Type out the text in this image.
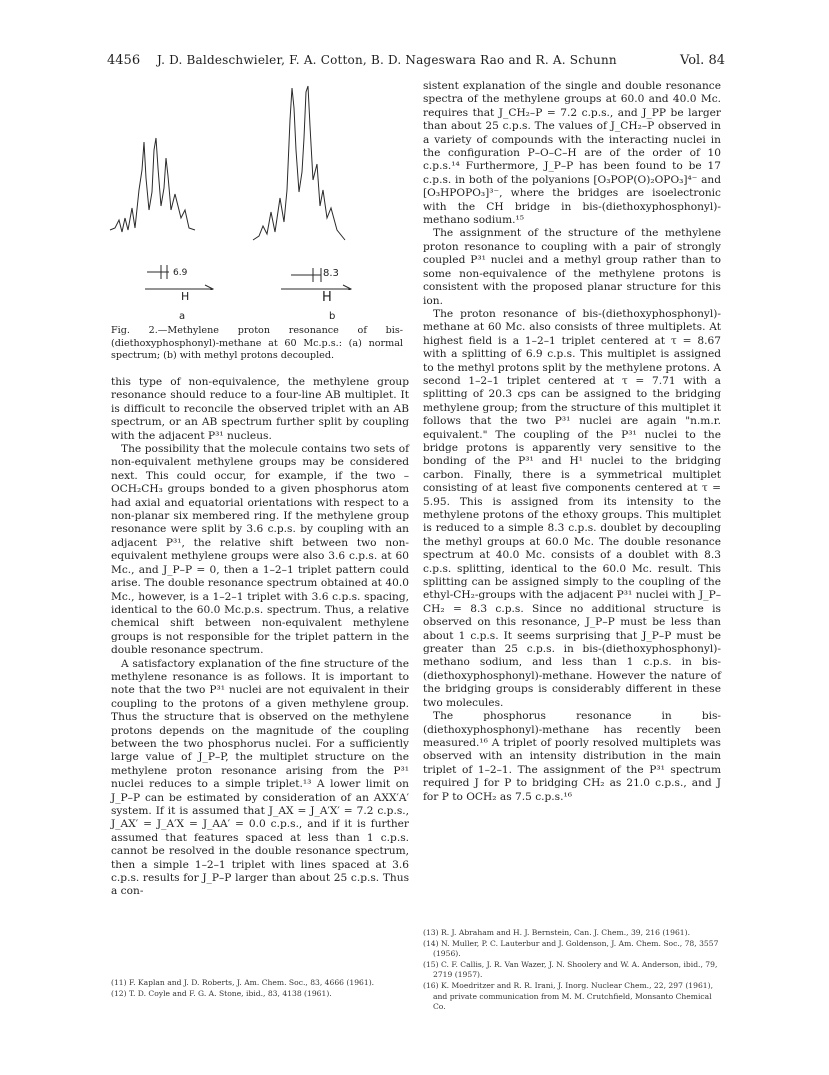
4456 J. D. Baldeschwieler, F. A. Cotton, B. D. Nageswara Rao and R. A. Schunn	Vol. 84
6.9	8.3
H	H
a	b
Fig. 2.—Methylene proton resonance of bis-(diethoxyphosphonyl)-methane at 60 Mc.p.s.: (a) normal spectrum; (b) with methyl protons decoupled.

this type of non-equivalence, the methylene group resonance should reduce to a four-line AB multiplet. It is difficult to reconcile the observed triplet with an AB spectrum, or an AB spectrum further split by coupling with the adjacent P³¹ nucleus.

The possibility that the molecule contains two sets of non-equivalent methylene groups may be considered next. This could occur, for example, if the two –OCH₂CH₃ groups bonded to a given phosphorus atom had axial and equatorial orientations with respect to a non-planar six membered ring. If the methylene group resonance were split by 3.6 c.p.s. by coupling with an adjacent P³¹, the relative shift between two non-equivalent methylene groups were also 3.6 c.p.s. at 60 Mc., and J_P–P = 0, then a 1–2–1 triplet pattern could arise. The double resonance spectrum obtained at 40.0 Mc., however, is a 1–2–1 triplet with 3.6 c.p.s. spacing, identical to the 60.0 Mc.p.s. spectrum. Thus, a relative chemical shift between non-equivalent methylene groups is not responsible for the triplet pattern in the double resonance spectrum.

A satisfactory explanation of the fine structure of the methylene resonance is as follows. It is important to note that the two P³¹ nuclei are not equivalent in their coupling to the protons of a given methylene group. Thus the structure that is observed on the methylene protons depends on the magnitude of the coupling between the two phosphorus nuclei. For a sufficiently large value of J_P–P, the multiplet structure on the methylene proton resonance arising from the P³¹ nuclei reduces to a simple triplet.¹³ A lower limit on J_P–P can be estimated by consideration of an AXX′A′ system. If it is assumed that J_AX = J_A′X′ = 7.2 c.p.s., J_AX′ = J_A′X = J_AA′ = 0.0 c.p.s., and if it is further assumed that features spaced at less than 1 c.p.s. cannot be resolved in the double resonance spectrum, then a simple 1–2–1 triplet with lines spaced at 3.6 c.p.s. results for J_P–P larger than about 25 c.p.s. Thus a con-

(11) F. Kaplan and J. D. Roberts, J. Am. Chem. Soc., 83, 4666 (1961).
(12) T. D. Coyle and F. G. A. Stone, ibid., 83, 4138 (1961).

sistent explanation of the single and double resonance spectra of the methylene groups at 60.0 and 40.0 Mc. requires that J_CH₂–P = 7.2 c.p.s., and J_PP be larger than about 25 c.p.s. The values of J_CH₂–P observed in a variety of compounds with the interacting nuclei in the configuration P–O–C–H are of the order of 10 c.p.s.¹⁴ Furthermore, J_P–P has been found to be 17 c.p.s. in both of the polyanions [O₃POP(O)₂OPO₃]⁴⁻ and [O₃HPOPO₃]³⁻, where the bridges are isoelectronic with the CH bridge in bis-(diethoxyphosphonyl)-methano sodium.¹⁵

The assignment of the structure of the methylene proton resonance to coupling with a pair of strongly coupled P³¹ nuclei and a methyl group rather than to some non-equivalence of the methylene protons is consistent with the proposed planar structure for this ion.

The proton resonance of bis-(diethoxyphosphonyl)-methane at 60 Mc. also consists of three multiplets. At highest field is a 1–2–1 triplet centered at τ = 8.67 with a splitting of 6.9 c.p.s. This multiplet is assigned to the methyl protons split by the methylene protons. A second 1–2–1 triplet centered at τ = 7.71 with a splitting of 20.3 cps can be assigned to the bridging methylene group; from the structure of this multiplet it follows that the two P³¹ nuclei are again "n.m.r. equivalent." The coupling of the P³¹ nuclei to the bridge protons is apparently very sensitive to the bonding of the P³¹ and H¹ nuclei to the bridging carbon. Finally, there is a symmetrical multiplet consisting of at least five components centered at τ = 5.95. This is assigned from its intensity to the methylene protons of the ethoxy groups. This multiplet is reduced to a simple 8.3 c.p.s. doublet by decoupling the methyl groups at 60.0 Mc. The double resonance spectrum at 40.0 Mc. consists of a doublet with 8.3 c.p.s. splitting, identical to the 60.0 Mc. result. This splitting can be assigned simply to the coupling of the ethyl-CH₂-groups with the adjacent P³¹ nuclei with J_P–CH₂ = 8.3 c.p.s. Since no additional structure is observed on this resonance, J_P–P must be less than about 1 c.p.s. It seems surprising that J_P–P must be greater than 25 c.p.s. in bis-(diethoxyphosphonyl)-methano sodium, and less than 1 c.p.s. in bis-(diethoxyphosphonyl)-methane. However the nature of the bridging groups is considerably different in these two molecules.

The phosphorus resonance in bis-(diethoxyphosphonyl)-methane has recently been measured.¹⁶ A triplet of poorly resolved multiplets was observed with an intensity distribution in the main triplet of 1–2–1. The assignment of the P³¹ spectrum required J for P to bridging CH₂ as 21.0 c.p.s., and J for P to OCH₂ as 7.5 c.p.s.¹⁶

(13) R. J. Abraham and H. J. Bernstein, Can. J. Chem., 39, 216 (1961).
(14) N. Muller, P. C. Lauterbur and J. Goldenson, J. Am. Chem. Soc., 78, 3557 (1956).
(15) C. F. Callis, J. R. Van Wazer, J. N. Shoolery and W. A. Anderson, ibid., 79, 2719 (1957).
(16) K. Moedritzer and R. R. Irani, J. Inorg. Nuclear Chem., 22, 297 (1961), and private communication from M. M. Crutchfield, Monsanto Chemical Co.
